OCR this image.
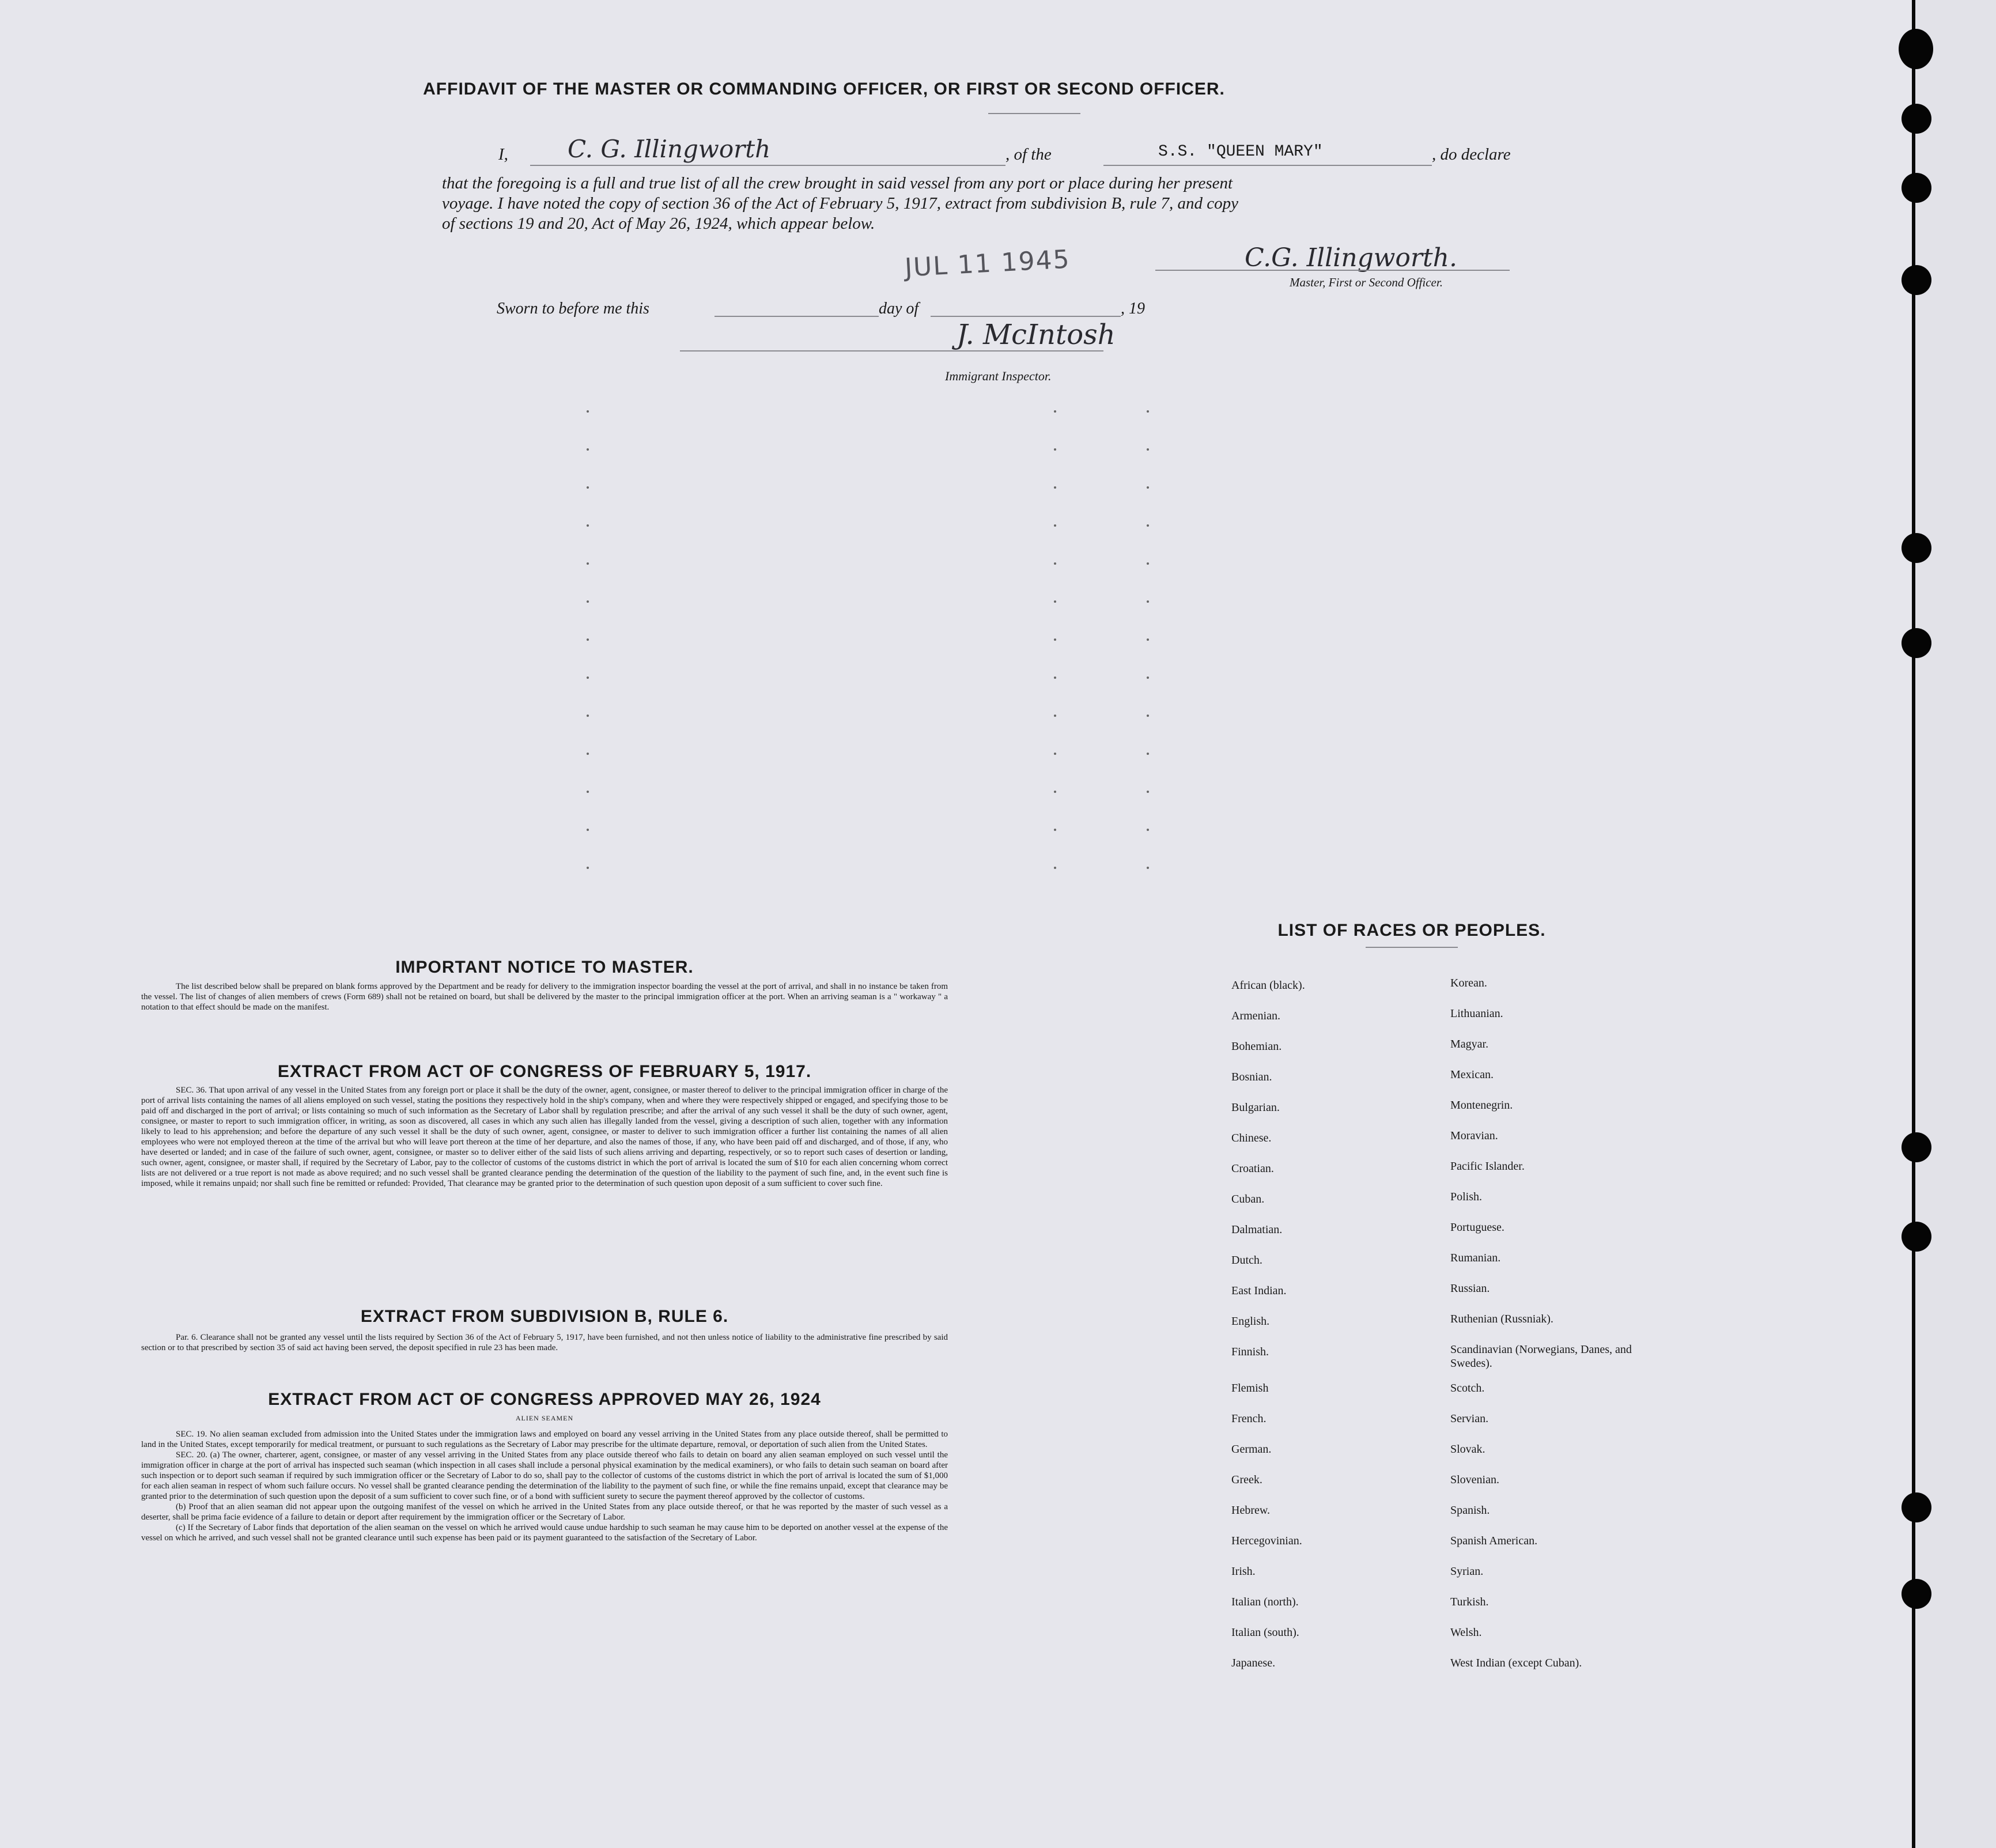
AFFIDAVIT OF THE MASTER OR COMMANDING OFFICER, OR FIRST OR SECOND OFFICER.
I, C. G. Illingworth	, of the	S.S. "QUEEN MARY"	, do declare
that the foregoing is a full and true list of all the crew brought in said vessel from any port or place during her present
voyage. I have noted the copy of section 36 of the Act of February 5, 1917, extract from subdivision B, rule 7, and copy
of sections 19 and 20, Act of May 26, 1924, which appear below.
JUL 11 1945	C.G. Illingworth.
Master, First or Second Officer.
Sworn to before me this	day of	, 19
J. McIntosh
Immigrant Inspector.
IMPORTANT NOTICE TO MASTER.

The list described below shall be prepared on blank forms approved by the Department and be ready for delivery to the immigration inspector boarding the vessel at the port of arrival, and shall in no instance be taken from the vessel. The list of changes of alien members of crews (Form 689) shall not be retained on board, but shall be delivered by the master to the principal immigration officer at the port. When an arriving seaman is a " workaway " a notation to that effect should be made on the manifest.

EXTRACT FROM ACT OF CONGRESS OF FEBRUARY 5, 1917.

SEC. 36. That upon arrival of any vessel in the United States from any foreign port or place it shall be the duty of the owner, agent, consignee, or master thereof to deliver to the principal immigration officer in charge of the port of arrival lists containing the names of all aliens employed on such vessel, stating the positions they respectively hold in the ship's company, when and where they were respectively shipped or engaged, and specifying those to be paid off and discharged in the port of arrival; or lists containing so much of such information as the Secretary of Labor shall by regulation prescribe; and after the arrival of any such vessel it shall be the duty of such owner, agent, consignee, or master to report to such immigration officer, in writing, as soon as discovered, all cases in which any such alien has illegally landed from the vessel, giving a description of such alien, together with any information likely to lead to his apprehension; and before the departure of any such vessel it shall be the duty of such owner, agent, consignee, or master to deliver to such immigration officer a further list containing the names of all alien employees who were not employed thereon at the time of the arrival but who will leave port thereon at the time of her departure, and also the names of those, if any, who have been paid off and discharged, and of those, if any, who have deserted or landed; and in case of the failure of such owner, agent, consignee, or master so to deliver either of the said lists of such aliens arriving and departing, respectively, or so to report such cases of desertion or landing, such owner, agent, consignee, or master shall, if required by the Secretary of Labor, pay to the collector of customs of the customs district in which the port of arrival is located the sum of $10 for each alien concerning whom correct lists are not delivered or a true report is not made as above required; and no such vessel shall be granted clearance pending the determination of the question of the liability to the payment of such fine, and, in the event such fine is imposed, while it remains unpaid; nor shall such fine be remitted or refunded: Provided, That clearance may be granted prior to the determination of such question upon deposit of a sum sufficient to cover such fine.

EXTRACT FROM SUBDIVISION B, RULE 6.

Par. 6. Clearance shall not be granted any vessel until the lists required by Section 36 of the Act of February 5, 1917, have been furnished, and not then unless notice of liability to the administrative fine prescribed by said section or to that prescribed by section 35 of said act having been served, the deposit specified in rule 23 has been made.

EXTRACT FROM ACT OF CONGRESS APPROVED MAY 26, 1924
ALIEN SEAMEN

SEC. 19. No alien seaman excluded from admission into the United States under the immigration laws and employed on board any vessel arriving in the United States from any place outside thereof, shall be permitted to land in the United States, except temporarily for medical treatment, or pursuant to such regulations as the Secretary of Labor may prescribe for the ultimate departure, removal, or deportation of such alien from the United States.

SEC. 20. (a) The owner, charterer, agent, consignee, or master of any vessel arriving in the United States from any place outside thereof who fails to detain on board any alien seaman employed on such vessel until the immigration officer in charge at the port of arrival has inspected such seaman (which inspection in all cases shall include a personal physical examination by the medical examiners), or who fails to detain such seaman on board after such inspection or to deport such seaman if required by such immigration officer or the Secretary of Labor to do so, shall pay to the collector of customs of the customs district in which the port of arrival is located the sum of $1,000 for each alien seaman in respect of whom such failure occurs. No vessel shall be granted clearance pending the determination of the liability to the payment of such fine, or while the fine remains unpaid, except that clearance may be granted prior to the determination of such question upon the deposit of a sum sufficient to cover such fine, or of a bond with sufficient surety to secure the payment thereof approved by the collector of customs.

(b) Proof that an alien seaman did not appear upon the outgoing manifest of the vessel on which he arrived in the United States from any place outside thereof, or that he was reported by the master of such vessel as a deserter, shall be prima facie evidence of a failure to detain or deport after requirement by the immigration officer or the Secretary of Labor.

(c) If the Secretary of Labor finds that deportation of the alien seaman on the vessel on which he arrived would cause undue hardship to such seaman he may cause him to be deported on another vessel at the expense of the vessel on which he arrived, and such vessel shall not be granted clearance until such expense has been paid or its payment guaranteed to the satisfaction of the Secretary of Labor.

LIST OF RACES OR PEOPLES.
African (black).
Armenian.
Bohemian.
Bosnian.
Bulgarian.
Chinese.
Croatian.
Cuban.
Dalmatian.
Dutch.
East Indian.
English.
Finnish.
Flemish
French.
German.
Greek.
Hebrew.
Hercegovinian.
Irish.
Italian (north).
Italian (south).
Japanese.
Korean.
Lithuanian.
Magyar.
Mexican.
Montenegrin.
Moravian.
Pacific Islander.
Polish.
Portuguese.
Rumanian.
Russian.
Ruthenian (Russniak).
Scandinavian (Norwegians, Danes, and Swedes).
Scotch.
Servian.
Slovak.
Slovenian.
Spanish.
Spanish American.
Syrian.
Turkish.
Welsh.
West Indian (except Cuban).
